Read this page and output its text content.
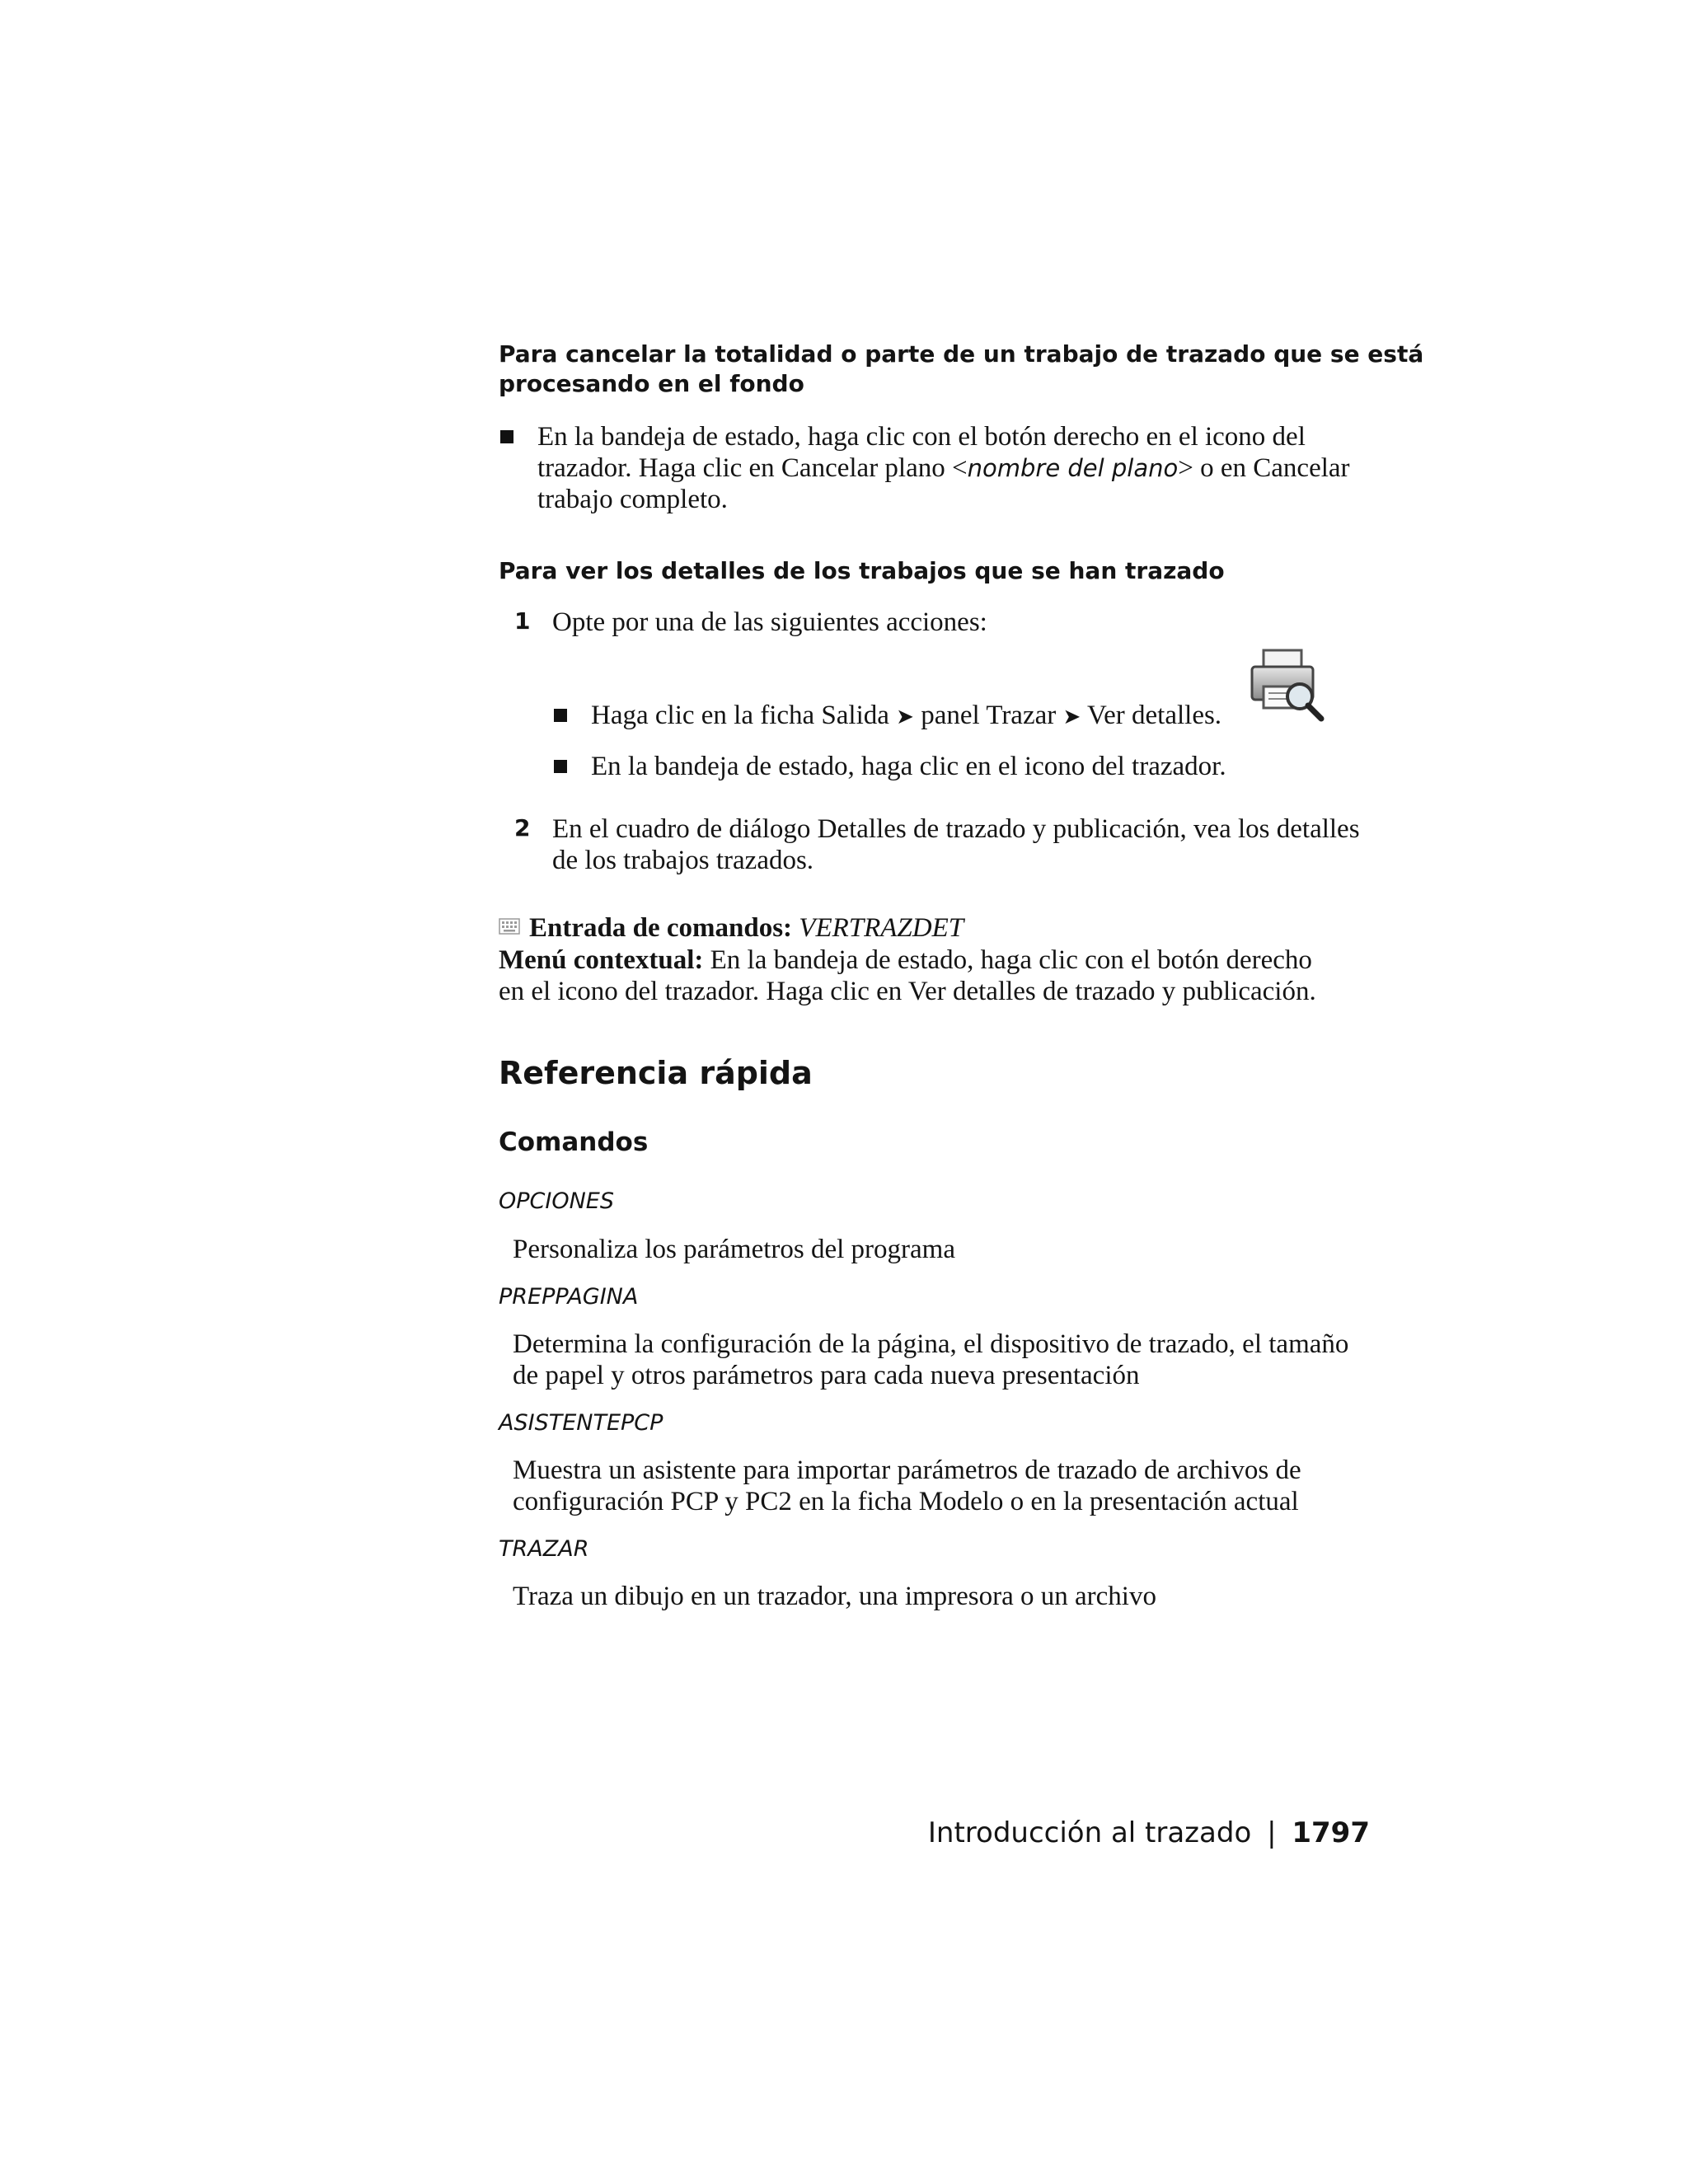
Para cancelar la totalidad o parte de un trabajo de trazado que se está
procesando en el fondo
En la bandeja de estado, haga clic con el botón derecho en el icono del
trazador. Haga clic en Cancelar plano <nombre del plano> o en Cancelar
trabajo completo.
Para ver los detalles de los trabajos que se han trazado
1 Opte por una de las siguientes acciones:
Haga clic en la ficha Salida ➤ panel Trazar ➤ Ver detalles.
En la bandeja de estado, haga clic en el icono del trazador.
2 En el cuadro de diálogo Detalles de trazado y publicación, vea los detalles
de los trabajos trazados.
Entrada de comandos: VERTRAZDET
Menú contextual: En la bandeja de estado, haga clic con el botón derecho
en el icono del trazador. Haga clic en Ver detalles de trazado y publicación.
Referencia rápida
Comandos
OPCIONES
Personaliza los parámetros del programa
PREPPAGINA
Determina la configuración de la página, el dispositivo de trazado, el tamaño
de papel y otros parámetros para cada nueva presentación
ASISTENTEPCP
Muestra un asistente para importar parámetros de trazado de archivos de
configuración PCP y PC2 en la ficha Modelo o en la presentación actual
TRAZAR
Traza un dibujo en un trazador, una impresora o un archivo
Introducción al trazado | 1797
